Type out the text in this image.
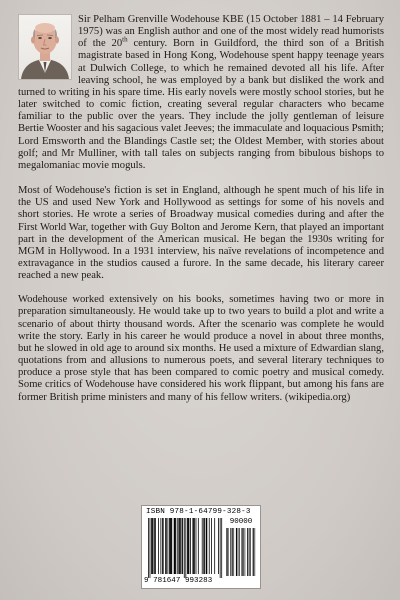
Sir Pelham Grenville Wodehouse KBE (15 October 1881 – 14 February 1975) was an English author and one of the most widely read humorists of the 20th century. Born in Guildford, the third son of a British magistrate based in Hong Kong, Wodehouse spent happy teenage years at Dulwich College, to which he remained devoted all his life. After leaving school, he was employed by a bank but disliked the work and turned to writing in his spare time. His early novels were mostly school stories, but he later switched to comic fiction, creating several regular characters who became familiar to the public over the years. They include the jolly gentleman of leisure Bertie Wooster and his sagacious valet Jeeves; the immaculate and loquacious Psmith; Lord Emsworth and the Blandings Castle set; the Oldest Member, with stories about golf; and Mr Mulliner, with tall tales on subjects ranging from bibulous bishops to megalomaniac movie moguls.

Most of Wodehouse's fiction is set in England, although he spent much of his life in the US and used New York and Hollywood as settings for some of his novels and short stories. He wrote a series of Broadway musical comedies during and after the First World War, together with Guy Bolton and Jerome Kern, that played an important part in the development of the American musical. He began the 1930s writing for MGM in Hollywood. In a 1931 interview, his naïve revelations of incompetence and extravagance in the studios caused a furore. In the same decade, his literary career reached a new peak.

Wodehouse worked extensively on his books, sometimes having two or more in preparation simultaneously. He would take up to two years to build a plot and write a scenario of about thirty thousand words. After the scenario was complete he would write the story. Early in his career he would produce a novel in about three months, but he slowed in old age to around six months. He used a mixture of Edwardian slang, quotations from and allusions to numerous poets, and several literary techniques to produce a prose style that has been compared to comic poetry and musical comedy. Some critics of Wodehouse have considered his work flippant, but among his fans are former British prime ministers and many of his fellow writers. (wikipedia.org)

ISBN 978-1-64799-328-3
90000
9 781647 993283
